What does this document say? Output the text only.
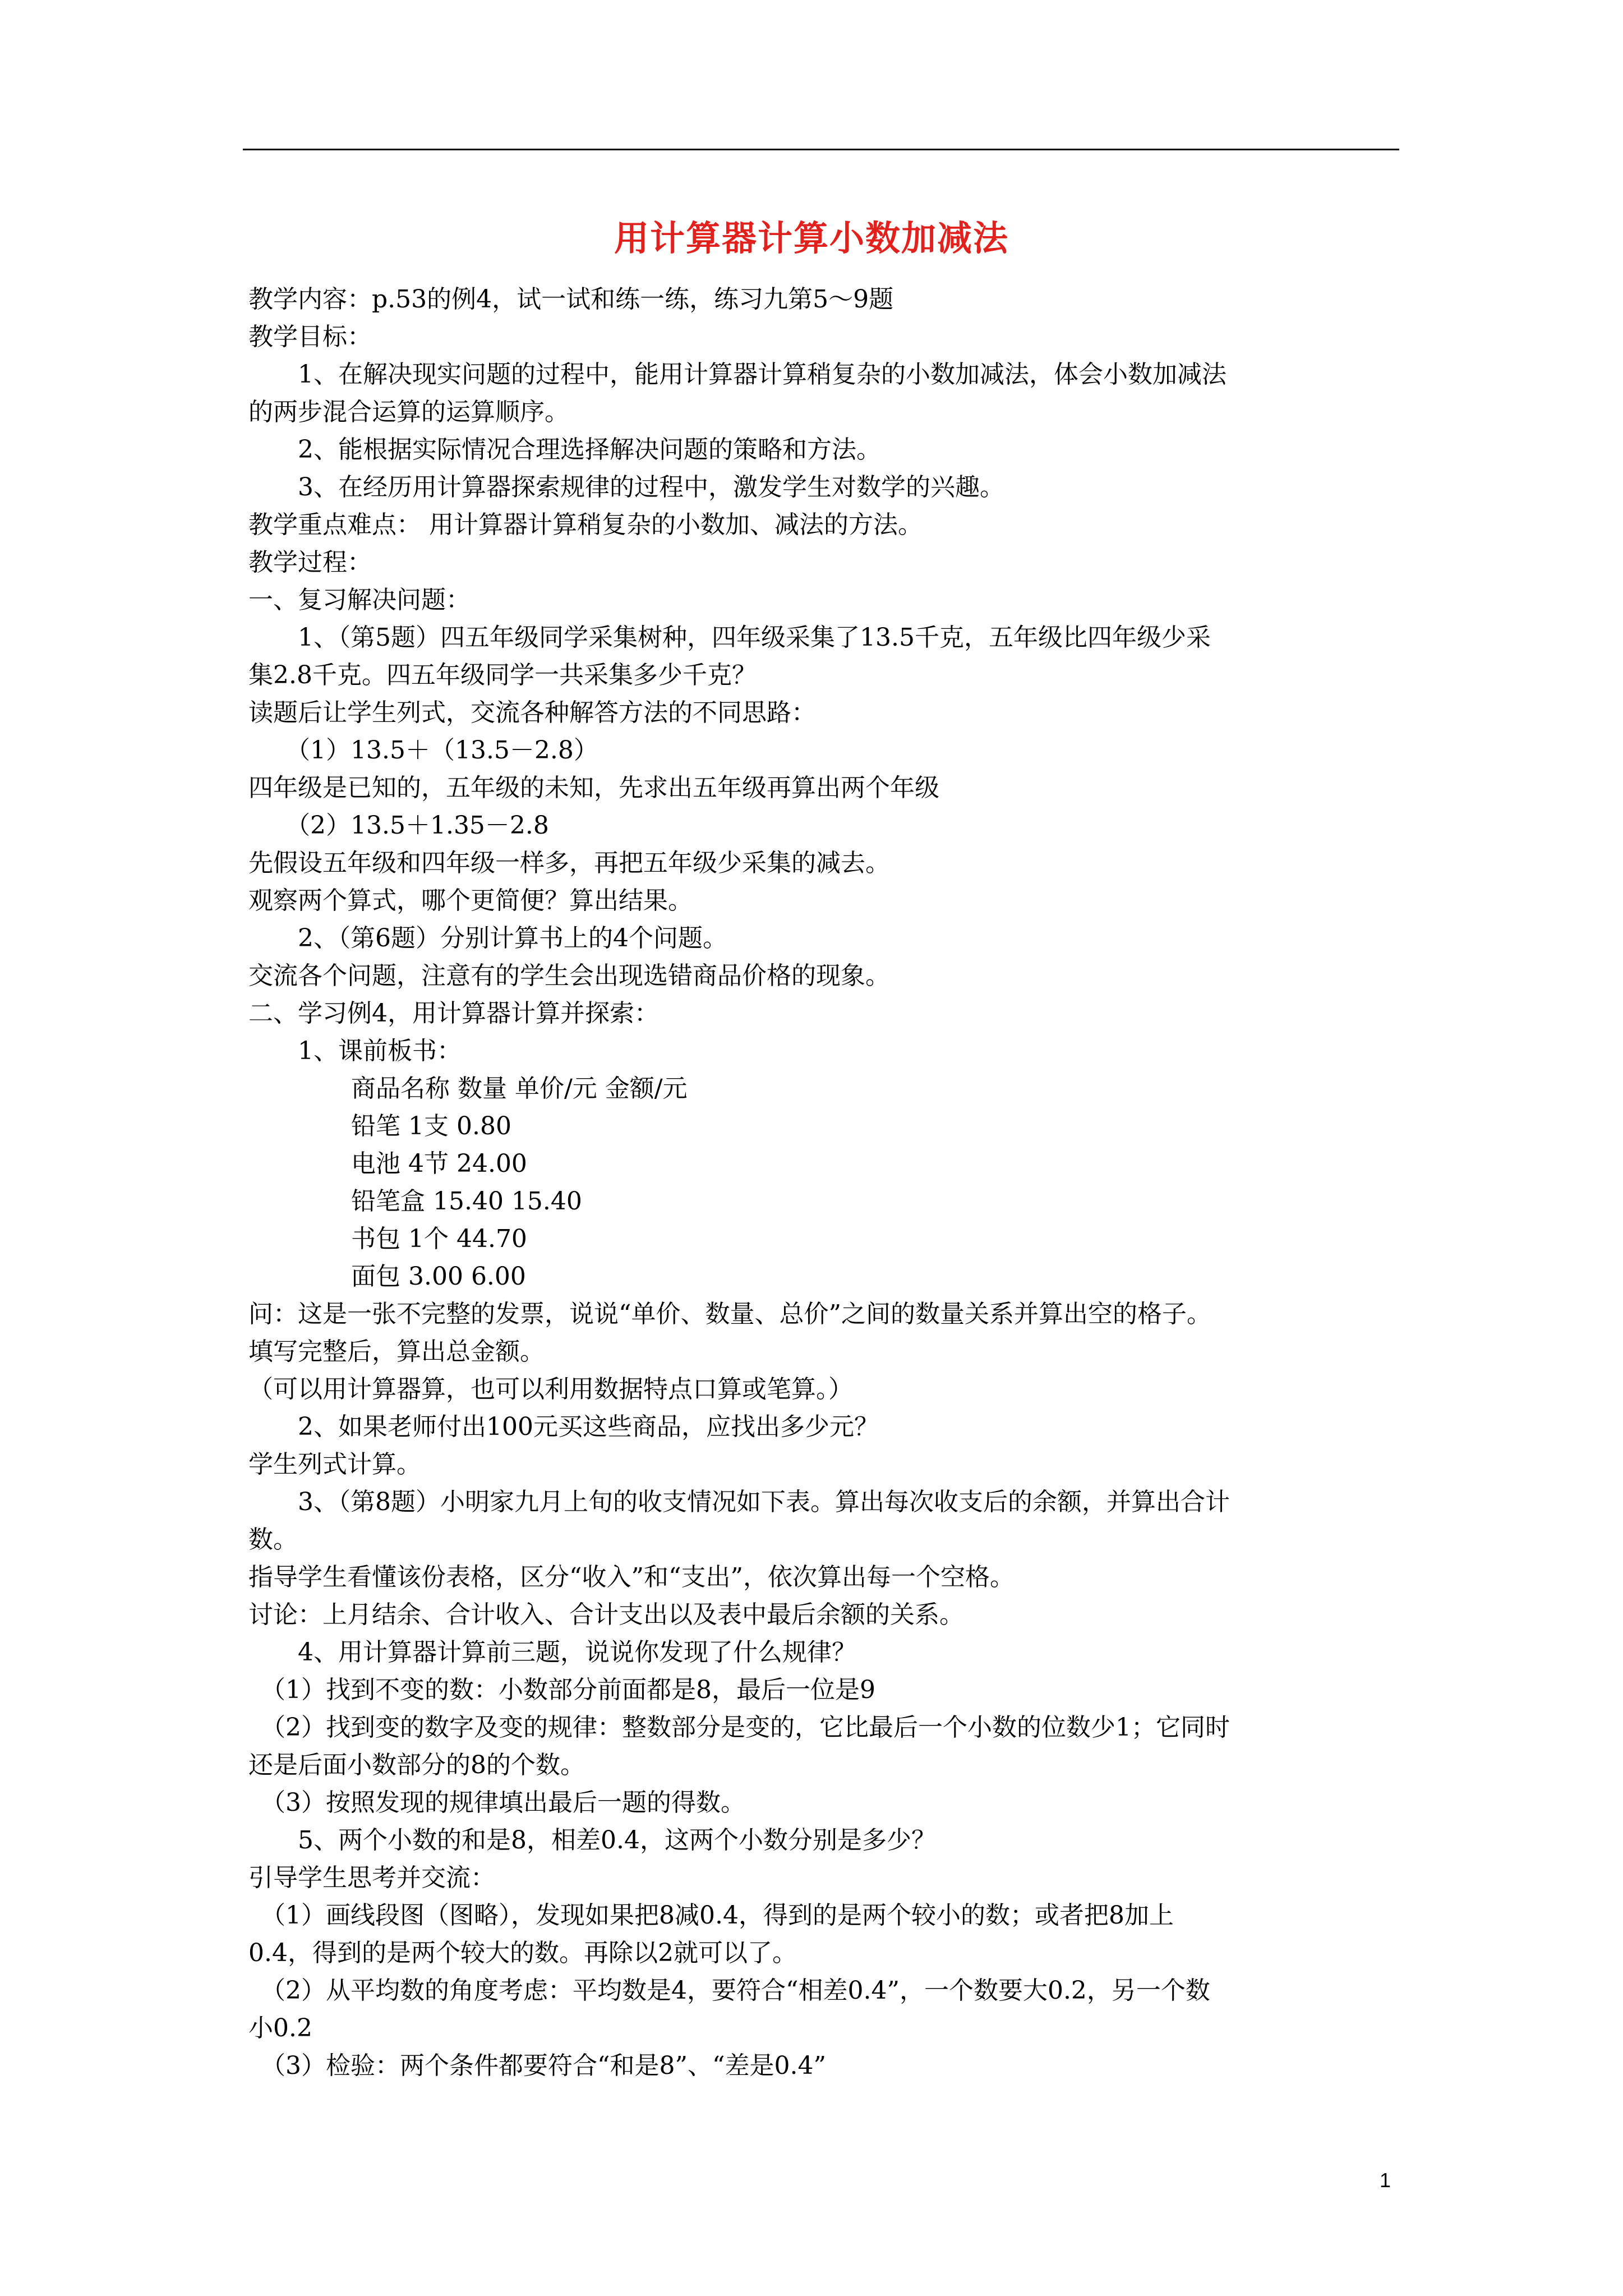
用计算器计算小数加减法
教学内容：p.53的例4，试一试和练一练，练习九第5～9题
教学目标：
1、在解决现实问题的过程中，能用计算器计算稍复杂的小数加减法，体会小数加减法
的两步混合运算的运算顺序。
2、能根据实际情况合理选择解决问题的策略和方法。
3、在经历用计算器探索规律的过程中，激发学生对数学的兴趣。
教学重点难点： 用计算器计算稍复杂的小数加、减法的方法。
教学过程：
一、复习解决问题：
1、（第5题）四五年级同学采集树种，四年级采集了13.5千克，五年级比四年级少采
集2.8千克。四五年级同学一共采集多少千克？
读题后让学生列式，交流各种解答方法的不同思路：
（1）13.5＋（13.5－2.8）
四年级是已知的，五年级的未知，先求出五年级再算出两个年级
（2）13.5＋1.35－2.8
先假设五年级和四年级一样多，再把五年级少采集的减去。
观察两个算式，哪个更简便？算出结果。
2、（第6题）分别计算书上的4个问题。
交流各个问题，注意有的学生会出现选错商品价格的现象。
二、学习例4，用计算器计算并探索：
1、课前板书：
商品名称 数量 单价/元 金额/元
铅笔 1支 0.80
电池 4节 24.00
铅笔盒 15.40 15.40
书包 1个 44.70
面包 3.00 6.00
问：这是一张不完整的发票，说说“单价、数量、总价”之间的数量关系并算出空的格子。
填写完整后，算出总金额。
（可以用计算器算，也可以利用数据特点口算或笔算。）
2、如果老师付出100元买这些商品，应找出多少元？
学生列式计算。
3、（第8题）小明家九月上旬的收支情况如下表。算出每次收支后的余额，并算出合计
数。
指导学生看懂该份表格，区分“收入”和“支出”，依次算出每一个空格。
讨论：上月结余、合计收入、合计支出以及表中最后余额的关系。
4、用计算器计算前三题，说说你发现了什么规律？
（1）找到不变的数：小数部分前面都是8，最后一位是9
（2）找到变的数字及变的规律：整数部分是变的，它比最后一个小数的位数少1；它同时
还是后面小数部分的8的个数。
（3）按照发现的规律填出最后一题的得数。
5、两个小数的和是8，相差0.4，这两个小数分别是多少？
引导学生思考并交流：
（1）画线段图（图略），发现如果把8减0.4，得到的是两个较小的数；或者把8加上
0.4，得到的是两个较大的数。再除以2就可以了。
（2）从平均数的角度考虑：平均数是4，要符合“相差0.4”，一个数要大0.2，另一个数
小0.2
（3）检验：两个条件都要符合“和是8”、“差是0.4”
1
